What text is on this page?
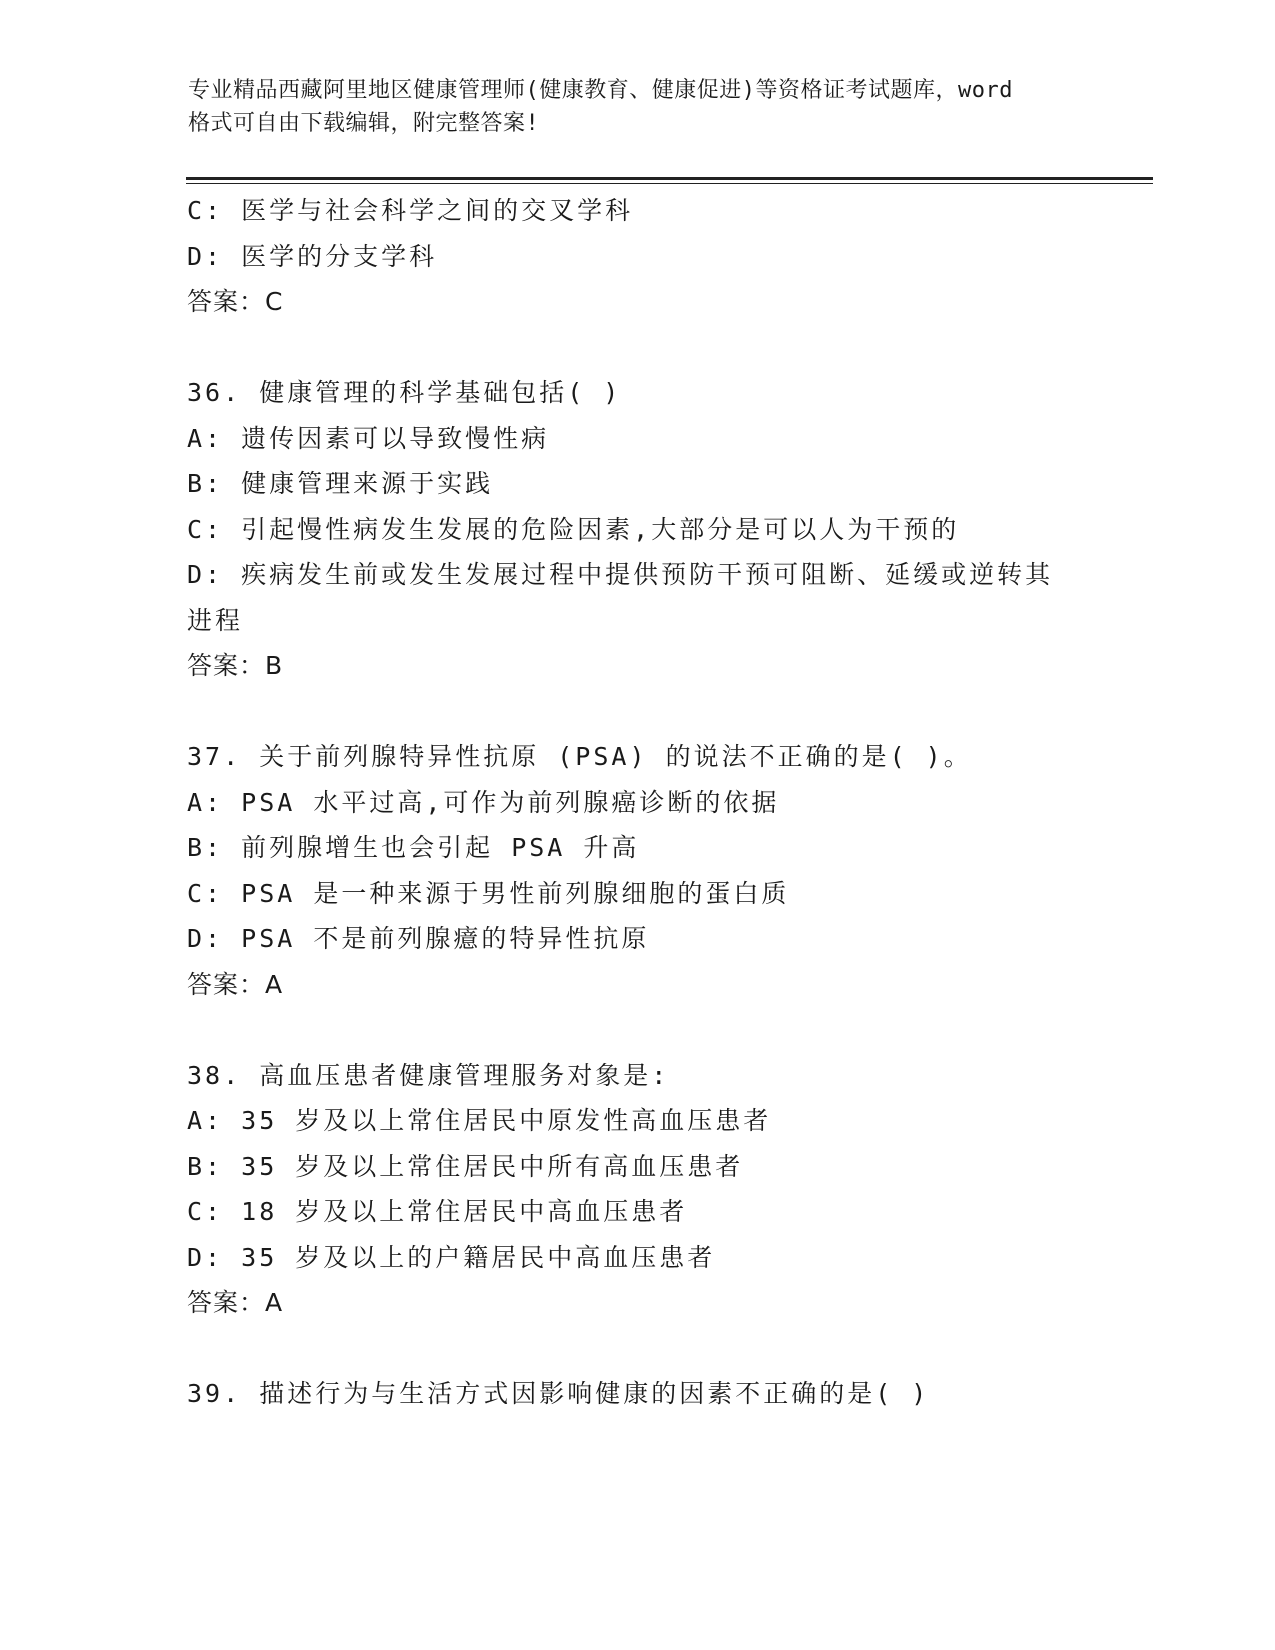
专业精品西藏阿里地区健康管理师(健康教育、健康促进)等资格证考试题库，word

格式可自由下载编辑，附完整答案!

C: 医学与社会科学之间的交叉学科
D: 医学的分支学科
答案：C
36. 健康管理的科学基础包括( )
A: 遗传因素可以导致慢性病
B: 健康管理来源于实践
C: 引起慢性病发生发展的危险因素,大部分是可以人为干预的
D: 疾病发生前或发生发展过程中提供预防干预可阻断、延缓或逆转其
进程
答案：B
37. 关于前列腺特异性抗原 (PSA) 的说法不正确的是( )。
A: PSA 水平过高,可作为前列腺癌诊断的依据
B: 前列腺增生也会引起 PSA 升高
C: PSA 是一种来源于男性前列腺细胞的蛋白质
D: PSA 不是前列腺癔的特异性抗原
答案：A
38. 高血压患者健康管理服务对象是:
A: 35 岁及以上常住居民中原发性高血压患者
B: 35 岁及以上常住居民中所有高血压患者
C: 18 岁及以上常住居民中高血压患者
D: 35 岁及以上的户籍居民中高血压患者
答案：A
39. 描述行为与生活方式因影响健康的因素不正确的是( )
